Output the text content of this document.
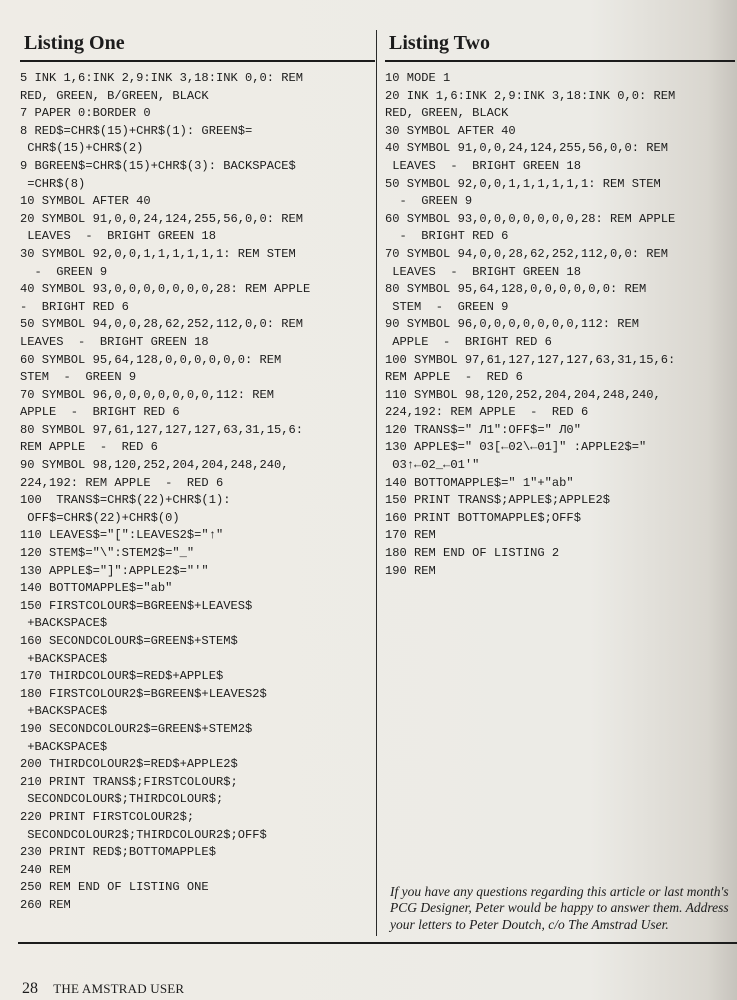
Listing One
5 INK 1,6:INK 2,9:INK 3,18:INK 0,0: REM
RED, GREEN, B/GREEN, BLACK
7 PAPER 0:BORDER 0
8 RED$=CHR$(15)+CHR$(1): GREEN$=
CHR$(15)+CHR$(2)
9 BGREEN$=CHR$(15)+CHR$(3): BACKSPACE$
=CHR$(8)
10 SYMBOL AFTER 40
20 SYMBOL 91,0,0,24,124,255,56,0,0: REM
LEAVES  -  BRIGHT GREEN 18
30 SYMBOL 92,0,0,1,1,1,1,1,1: REM STEM
-  GREEN 9
40 SYMBOL 93,0,0,0,0,0,0,0,28: REM APPLE
-  BRIGHT RED 6
50 SYMBOL 94,0,0,28,62,252,112,0,0: REM
LEAVES  -  BRIGHT GREEN 18
60 SYMBOL 95,64,128,0,0,0,0,0,0: REM
STEM  -  GREEN 9
70 SYMBOL 96,0,0,0,0,0,0,0,112: REM
APPLE  -  BRIGHT RED 6
80 SYMBOL 97,61,127,127,127,63,31,15,6:
REM APPLE  -  RED 6
90 SYMBOL 98,120,252,204,204,248,240,
224,192: REM APPLE  -  RED 6
100  TRANS$=CHR$(22)+CHR$(1):
OFF$=CHR$(22)+CHR$(0)
110 LEAVES$="[":LEAVES2$="↑"
120 STEM$="\":STEM2$="_"
130 APPLE$="]":APPLE2$="'"
140 BOTTOMAPPLE$="ab"
150 FIRSTCOLOUR$=BGREEN$+LEAVES$
+BACKSPACE$
160 SECONDCOLOUR$=GREEN$+STEM$
+BACKSPACE$
170 THIRDCOLOUR$=RED$+APPLE$
180 FIRSTCOLOUR2$=BGREEN$+LEAVES2$
+BACKSPACE$
190 SECONDCOLOUR2$=GREEN$+STEM2$
+BACKSPACE$
200 THIRDCOLOUR2$=RED$+APPLE2$
210 PRINT TRANS$;FIRSTCOLOUR$;
SECONDCOLOUR$;THIRDCOLOUR$;
220 PRINT FIRSTCOLOUR2$;
SECONDCOLOUR2$;THIRDCOLOUR2$;OFF$
230 PRINT RED$;BOTTOMAPPLE$
240 REM
250 REM END OF LISTING ONE
260 REM
Listing Two
10 MODE 1
20 INK 1,6:INK 2,9:INK 3,18:INK 0,0: REM
RED, GREEN, BLACK
30 SYMBOL AFTER 40
40 SYMBOL 91,0,0,24,124,255,56,0,0: REM
LEAVES  -  BRIGHT GREEN 18
50 SYMBOL 92,0,0,1,1,1,1,1,1: REM STEM
-  GREEN 9
60 SYMBOL 93,0,0,0,0,0,0,0,28: REM APPLE
-  BRIGHT RED 6
70 SYMBOL 94,0,0,28,62,252,112,0,0: REM
LEAVES  -  BRIGHT GREEN 18
80 SYMBOL 95,64,128,0,0,0,0,0,0: REM
STEM  -  GREEN 9
90 SYMBOL 96,0,0,0,0,0,0,0,112: REM
APPLE  -  BRIGHT RED 6
100 SYMBOL 97,61,127,127,127,63,31,15,6:
REM APPLE  -  RED 6
110 SYMBOL 98,120,252,204,204,248,240,
224,192: REM APPLE  -  RED 6
120 TRANS$=" Л1":OFF$=" Л0"
130 APPLE$=" Θ3[←Θ2\←Θ1]" :APPLE2$="
Θ3↑←Θ2_←Θ1'"
140 BOTTOMAPPLE$=" 1"+"ab"
150 PRINT TRANS$;APPLE$;APPLE2$
160 PRINT BOTTOMAPPLE$;OFF$
170 REM
180 REM END OF LISTING 2
190 REM

If you have any questions regarding this article or last month's PCG Designer, Peter would be happy to answer them. Address your letters to Peter Doutch, c/o The Amstrad User.

28 THE AMSTRAD USER
